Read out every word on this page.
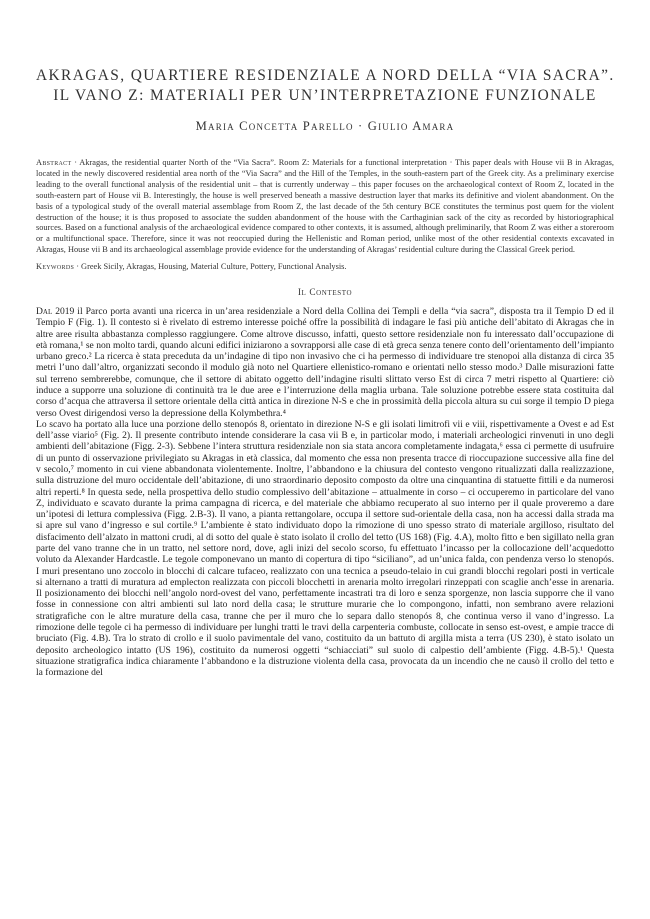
AKRAGAS, QUARTIERE RESIDENZIALE A NORD DELLA “VIA SACRA”.
IL VANO Z: MATERIALI PER UN’INTERPRETAZIONE FUNZIONALE
Maria Concetta Parello · Giulio Amara
Abstract · Akragas, the residential quarter North of the “Via Sacra”. Room Z: Materials for a functional interpretation · This paper deals with House vii B in Akragas, located in the newly discovered residential area north of the “Via Sacra” and the Hill of the Temples, in the south-eastern part of the Greek city. As a preliminary exercise leading to the overall functional analysis of the residential unit – that is currently underway – this paper focuses on the archaeological context of Room Z, located in the south-eastern part of House vii B. Interestingly, the house is well preserved beneath a massive destruction layer that marks its definitive and violent abandonment. On the basis of a typological study of the overall material assemblage from Room Z, the last decade of the 5th century BCE constitutes the terminus post quem for the violent destruction of the house; it is thus proposed to associate the sudden abandonment of the house with the Carthaginian sack of the city as recorded by historiographical sources. Based on a functional analysis of the archaeological evidence compared to other contexts, it is assumed, although preliminarily, that Room Z was either a storeroom or a multifunctional space. Therefore, since it was not reoccupied during the Hellenistic and Roman period, unlike most of the other residential contexts excavated in Akragas, House vii B and its archaeological assemblage provide evidence for the understanding of Akragas’ residential culture during the Classical Greek period.
Keywords · Greek Sicily, Akragas, Housing, Material Culture, Pottery, Functional Analysis.
Il Contesto

Dal 2019 il Parco porta avanti una ricerca in un’area residenziale a Nord della Collina dei Templi e della “via sacra”, disposta tra il Tempio D ed il Tempio F (Fig. 1). Il contesto si è rivelato di estremo interesse poiché offre la possibilità di indagare le fasi più antiche dell’abitato di Akragas che in altre aree risulta abbastanza complesso raggiungere. Come altrove discusso, infatti, questo settore residenziale non fu interessato dall’occupazione di età romana,¹ se non molto tardi, quando alcuni edifici iniziarono a sovrapporsi alle case di età greca senza tenere conto dell’orientamento dell’impianto urbano greco.² La ricerca è stata preceduta da un’indagine di tipo non invasivo che ci ha permesso di individuare tre stenopoi alla distanza di circa 35 metri l’uno dall’altro, organizzati secondo il modulo già noto nel Quartiere ellenistico-romano e orientati nello stesso modo.³ Dalle misurazioni fatte sul terreno sembrerebbe, comunque, che il settore di abitato oggetto dell’indagine risulti slittato verso Est di circa 7 metri rispetto al Quartiere: ciò induce a supporre una soluzione di continuità tra le due aree e l’interruzione della maglia urbana. Tale soluzione potrebbe essere stata costituita dal corso d’acqua che attraversa il settore orientale della città antica in direzione N-S e che in prossimità della piccola altura su cui sorge il tempio D piega verso Ovest dirigendosi verso la depressione della Kolymbethra.⁴

Lo scavo ha portato alla luce una porzione dello stenopós 8, orientato in direzione N-S e gli isolati limitrofi vii e viii, rispettivamente a Ovest e ad Est dell’asse viario⁵ (Fig. 2). Il presente contributo intende considerare la casa vii B e, in particolar modo, i materiali archeologici rinvenuti in uno degli ambienti dell’abitazione (Figg. 2-3). Sebbene l’intera struttura residenziale non sia stata ancora completamente indagata,⁶ essa ci permette di usufruire di un punto di osservazione privilegiato su Akragas in età classica, dal momento che essa non presenta tracce di rioccupazione successive alla fine del v secolo,⁷ momento in cui viene abbandonata violentemente. Inoltre, l’abbandono e la chiusura del contesto vengono ritualizzati dalla realizzazione, sulla distruzione del muro occidentale dell’abitazione, di uno straordinario deposito composto da oltre una cinquantina di statuette fittili e da numerosi altri reperti.⁸ In questa sede, nella prospettiva dello studio complessivo dell’abitazione – attualmente in corso – ci occuperemo in particolare del vano Z, individuato e scavato durante la prima campagna di ricerca, e del materiale che abbiamo recuperato al suo interno per il quale proveremo a dare un’ipotesi di lettura complessiva (Figg. 2.B-3). Il vano, a pianta rettangolare, occupa il settore sud-orientale della casa, non ha accessi dalla strada ma si apre sul vano d’ingresso e sul cortile.⁹ L’ambiente è stato individuato dopo la rimozione di uno spesso strato di materiale argilloso, risultato del disfacimento dell’alzato in mattoni crudi, al di sotto del quale è stato isolato il crollo del tetto (US 168) (Fig. 4.A), molto fitto e ben sigillato nella gran parte del vano tranne che in un tratto, nel settore nord, dove, agli inizi del secolo scorso, fu effettuato l’incasso per la collocazione dell’acquedotto voluto da Alexander Hardcastle. Le tegole componevano un manto di copertura di tipo “siciliano”, ad un’unica falda, con pendenza verso lo stenopós. I muri presentano uno zoccolo in blocchi di calcare tufaceo, realizzato con una tecnica a pseudo-telaio in cui grandi blocchi regolari posti in verticale si alternano a tratti di muratura ad emplecton realizzata con piccoli blocchetti in arenaria molto irregolari rinzeppati con scaglie anch’esse in arenaria. Il posizionamento dei blocchi nell’angolo nord-ovest del vano, perfettamente incastrati tra di loro e senza sporgenze, non lascia supporre che il vano fosse in connessione con altri ambienti sul lato nord della casa; le strutture murarie che lo compongono, infatti, non sembrano avere relazioni stratigrafiche con le altre murature della casa, tranne che per il muro che lo separa dallo stenopós 8, che continua verso il vano d’ingresso. La rimozione delle tegole ci ha permesso di individuare per lunghi tratti le travi della carpenteria combuste, collocate in senso est-ovest, e ampie tracce di bruciato (Fig. 4.B). Tra lo strato di crollo e il suolo pavimentale del vano, costituito da un battuto di argilla mista a terra (US 230), è stato isolato un deposito archeologico intatto (US 196), costituito da numerosi oggetti “schiacciati” sul suolo di calpestio dell’ambiente (Figg. 4.B-5).¹ Questa situazione stratigrafica indica chiaramente l’abbandono e la distruzione violenta della casa, provocata da un incendio che ne causò il crollo del tetto e la formazione del
